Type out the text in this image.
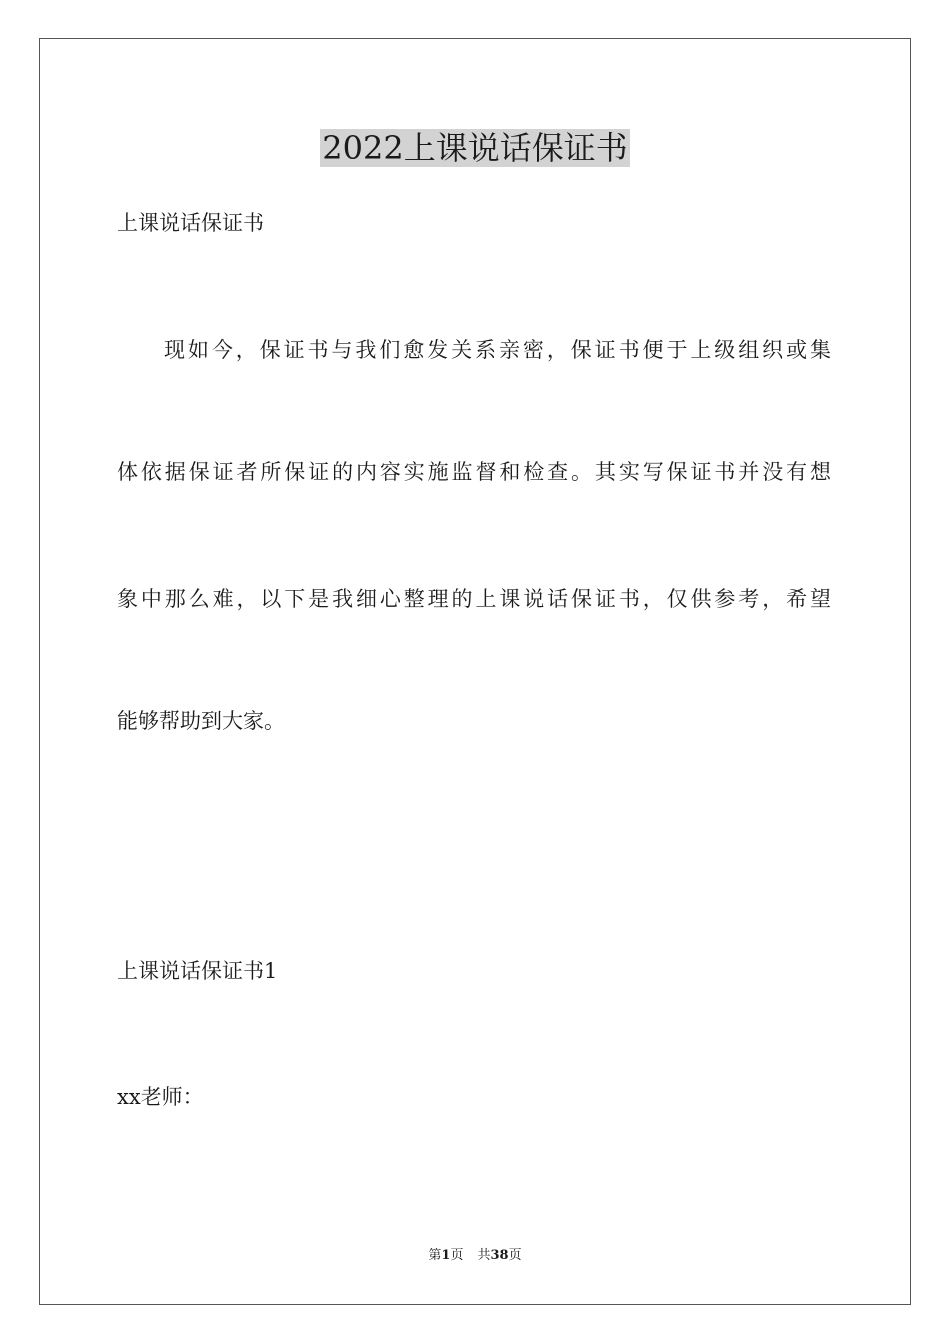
2022上课说话保证书

上课说话保证书

现如今，保证书与我们愈发关系亲密，保证书便于上级组织或集

体依据保证者所保证的内容实施监督和检查。其实写保证书并没有想

象中那么难，以下是我细心整理的上课说话保证书，仅供参考，希望

能够帮助到大家。

上课说话保证书1

xx老师：

第1页 共38页
